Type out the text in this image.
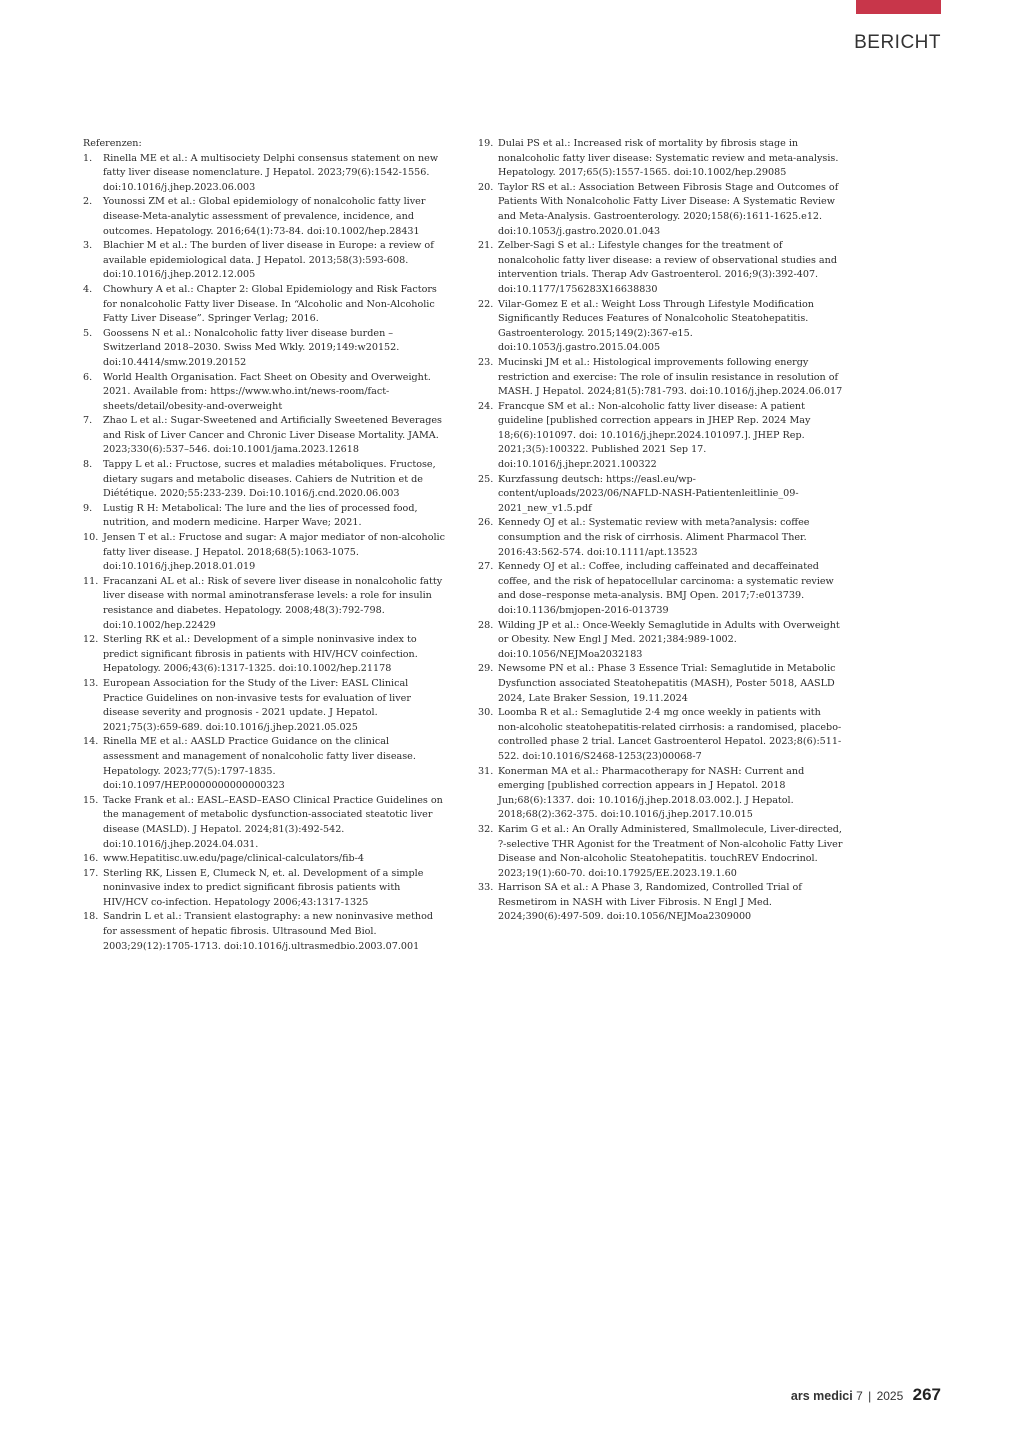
BERICHT

Referenzen:

1. Rinella ME et al.: A multisociety Delphi consensus statement on new fatty liver disease nomenclature. J Hepatol. 2023;79(6):1542-1556. doi:10.1016/j.jhep.2023.06.003
2. Younossi ZM et al.: Global epidemiology of nonalcoholic fatty liver disease-Meta-analytic assessment of prevalence, incidence, and outcomes. Hepatology. 2016;64(1):73-84. doi:10.1002/hep.28431
3. Blachier M et al.: The burden of liver disease in Europe: a review of available epidemiological data. J Hepatol. 2013;58(3):593-608. doi:10.1016/j.jhep.2012.12.005
4. Chowhury A et al.: Chapter 2: Global Epidemiology and Risk Factors for nonalcoholic Fatty liver Disease. In “Alcoholic and Non-Alcoholic Fatty Liver Disease”. Springer Verlag; 2016.
5. Goossens N et al.: Nonalcoholic fatty liver disease burden – Switzerland 2018–2030. Swiss Med Wkly. 2019;149:w20152. doi:10.4414/smw.2019.20152
6. World Health Organisation. Fact Sheet on Obesity and Overweight. 2021. Available from: https://www.who.int/news-room/fact-sheets/detail/obesity-and-overweight
7. Zhao L et al.: Sugar-Sweetened and Artificially Sweetened Beverages and Risk of Liver Cancer and Chronic Liver Disease Mortality. JAMA. 2023;330(6):537–546. doi:10.1001/jama.2023.12618
8. Tappy L et al.: Fructose, sucres et maladies métaboliques. Fructose, dietary sugars and metabolic diseases. Cahiers de Nutrition et de Diététique. 2020;55:233-239. Doi:10.1016/j.cnd.2020.06.003
9. Lustig R H: Metabolical: The lure and the lies of processed food, nutrition, and modern medicine. Harper Wave; 2021.
10. Jensen T et al.: Fructose and sugar: A major mediator of non-alcoholic fatty liver disease. J Hepatol. 2018;68(5):1063-1075. doi:10.1016/j.jhep.2018.01.019
11. Fracanzani AL et al.: Risk of severe liver disease in nonalcoholic fatty liver disease with normal aminotransferase levels: a role for insulin resistance and diabetes. Hepatology. 2008;48(3):792-798. doi:10.1002/hep.22429
12. Sterling RK et al.: Development of a simple noninvasive index to predict significant fibrosis in patients with HIV/HCV coinfection. Hepatology. 2006;43(6):1317-1325. doi:10.1002/hep.21178
13. European Association for the Study of the Liver: EASL Clinical Practice Guidelines on non-invasive tests for evaluation of liver disease severity and prognosis - 2021 update. J Hepatol. 2021;75(3):659-689. doi:10.1016/j.jhep.2021.05.025
14. Rinella ME et al.: AASLD Practice Guidance on the clinical assessment and management of nonalcoholic fatty liver disease. Hepatology. 2023;77(5):1797-1835. doi:10.1097/HEP.0000000000000323
15. Tacke Frank et al.: EASL–EASD–EASO Clinical Practice Guidelines on the management of metabolic dysfunction-associated steatotic liver disease (MASLD). J Hepatol. 2024;81(3):492-542. doi:10.1016/j.jhep.2024.04.031.
16. www.Hepatitisc.uw.edu/page/clinical-calculators/fib-4
17. Sterling RK, Lissen E, Clumeck N, et. al. Development of a simple noninvasive index to predict significant fibrosis patients with HIV/HCV co-infection. Hepatology 2006;43:1317-1325
18. Sandrin L et al.: Transient elastography: a new noninvasive method for assessment of hepatic fibrosis. Ultrasound Med Biol. 2003;29(12):1705-1713. doi:10.1016/j.ultrasmedbio.2003.07.001
19. Dulai PS et al.: Increased risk of mortality by fibrosis stage in nonalcoholic fatty liver disease: Systematic review and meta-analysis. Hepatology. 2017;65(5):1557-1565. doi:10.1002/hep.29085
20. Taylor RS et al.: Association Between Fibrosis Stage and Outcomes of Patients With Nonalcoholic Fatty Liver Disease: A Systematic Review and Meta-Analysis. Gastroenterology. 2020;158(6):1611-1625.e12. doi:10.1053/j.gastro.2020.01.043
21. Zelber-Sagi S et al.: Lifestyle changes for the treatment of nonalcoholic fatty liver disease: a review of observational studies and intervention trials. Therap Adv Gastroenterol. 2016;9(3):392-407. doi:10.1177/1756283X16638830
22. Vilar-Gomez E et al.: Weight Loss Through Lifestyle Modification Significantly Reduces Features of Nonalcoholic Steatohepatitis. Gastroenterology. 2015;149(2):367-e15. doi:10.1053/j.gastro.2015.04.005
23. Mucinski JM et al.: Histological improvements following energy restriction and exercise: The role of insulin resistance in resolution of MASH. J Hepatol. 2024;81(5):781-793. doi:10.1016/j.jhep.2024.06.017
24. Francque SM et al.: Non-alcoholic fatty liver disease: A patient guideline [published correction appears in JHEP Rep. 2024 May 18;6(6):101097. doi: 10.1016/j.jhepr.2024.101097.]. JHEP Rep. 2021;3(5):100322. Published 2021 Sep 17. doi:10.1016/j.jhepr.2021.100322
25. Kurzfassung deutsch: https://easl.eu/wp-content/uploads/2023/06/NAFLD-NASH-Patientenleitlinie_09-2021_new_v1.5.pdf
26. Kennedy OJ et al.: Systematic review with meta?analysis: coffee consumption and the risk of cirrhosis. Aliment Pharmacol Ther. 2016:43:562-574. doi:10.1111/apt.13523
27. Kennedy OJ et al.: Coffee, including caffeinated and decaffeinated coffee, and the risk of hepatocellular carcinoma: a systematic review and dose–response meta-analysis. BMJ Open. 2017;7:e013739. doi:10.1136/bmjopen-2016-013739
28. Wilding JP et al.: Once-Weekly Semaglutide in Adults with Overweight or Obesity. New Engl J Med. 2021;384:989-1002. doi:10.1056/NEJMoa2032183
29. Newsome PN et al.: Phase 3 Essence Trial: Semaglutide in Metabolic Dysfunction associated Steatohepatitis (MASH), Poster 5018, AASLD 2024, Late Braker Session, 19.11.2024
30. Loomba R et al.: Semaglutide 2·4 mg once weekly in patients with non-alcoholic steatohepatitis-related cirrhosis: a randomised, placebo-controlled phase 2 trial. Lancet Gastroenterol Hepatol. 2023;8(6):511-522. doi:10.1016/S2468-1253(23)00068-7
31. Konerman MA et al.: Pharmacotherapy for NASH: Current and emerging [published correction appears in J Hepatol. 2018 Jun;68(6):1337. doi: 10.1016/j.jhep.2018.03.002.]. J Hepatol. 2018;68(2):362-375. doi:10.1016/j.jhep.2017.10.015
32. Karim G et al.: An Orally Administered, Smallmolecule, Liver-directed, ?-selective THR Agonist for the Treatment of Non-alcoholic Fatty Liver Disease and Non-alcoholic Steatohepatitis. touchREV Endocrinol. 2023;19(1):60-70. doi:10.17925/EE.2023.19.1.60
33. Harrison SA et al.: A Phase 3, Randomized, Controlled Trial of Resmetirom in NASH with Liver Fibrosis. N Engl J Med. 2024;390(6):497-509. doi:10.1056/NEJMoa2309000
ars medici 7 | 2025 267
